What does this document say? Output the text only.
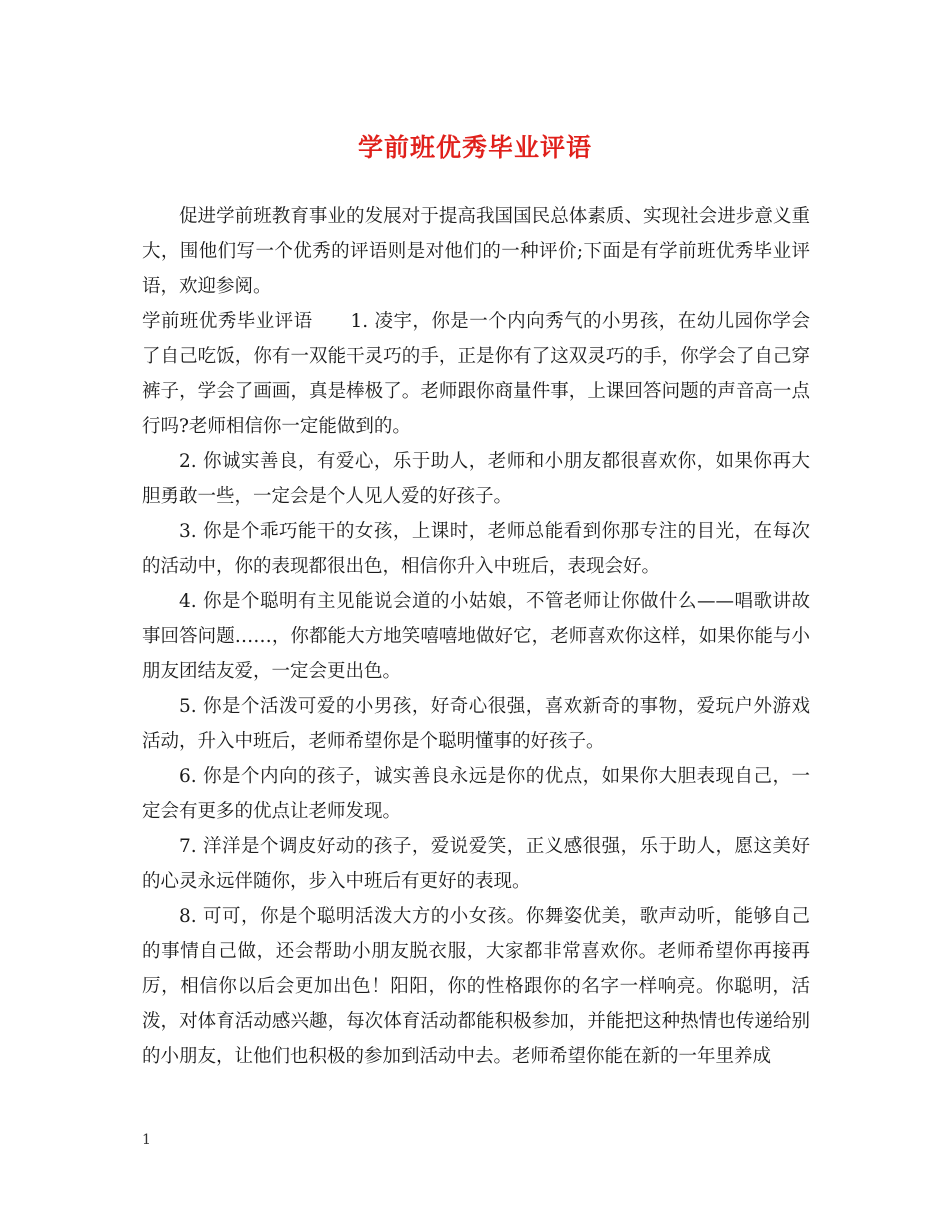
学前班优秀毕业评语

促进学前班教育事业的发展对于提高我国国民总体素质、实现社会进步意义重大，围他们写一个优秀的评语则是对他们的一种评价;下面是有学前班优秀毕业评语，欢迎参阅。

学前班优秀毕业评语　　1. 凌宇，你是一个内向秀气的小男孩，在幼儿园你学会了自己吃饭，你有一双能干灵巧的手，正是你有了这双灵巧的手，你学会了自己穿裤子，学会了画画，真是棒极了。老师跟你商量件事，上课回答问题的声音高一点行吗?老师相信你一定能做到的。

2. 你诚实善良，有爱心，乐于助人，老师和小朋友都很喜欢你，如果你再大胆勇敢一些，一定会是个人见人爱的好孩子。

3. 你是个乖巧能干的女孩，上课时，老师总能看到你那专注的目光，在每次的活动中，你的表现都很出色，相信你升入中班后，表现会好。

4. 你是个聪明有主见能说会道的小姑娘，不管老师让你做什么——唱歌讲故事回答问题……，你都能大方地笑嘻嘻地做好它，老师喜欢你这样，如果你能与小朋友团结友爱，一定会更出色。

5. 你是个活泼可爱的小男孩，好奇心很强，喜欢新奇的事物，爱玩户外游戏活动，升入中班后，老师希望你是个聪明懂事的好孩子。

6. 你是个内向的孩子，诚实善良永远是你的优点，如果你大胆表现自己，一定会有更多的优点让老师发现。

7. 洋洋是个调皮好动的孩子，爱说爱笑，正义感很强，乐于助人，愿这美好的心灵永远伴随你，步入中班后有更好的表现。

8. 可可，你是个聪明活泼大方的小女孩。你舞姿优美，歌声动听，能够自己的事情自己做，还会帮助小朋友脱衣服，大家都非常喜欢你。老师希望你再接再厉，相信你以后会更加出色！阳阳，你的性格跟你的名字一样响亮。你聪明，活泼，对体育活动感兴趣，每次体育活动都能积极参加，并能把这种热情也传递给别的小朋友，让他们也积极的参加到活动中去。老师希望你能在新的一年里养成

1
